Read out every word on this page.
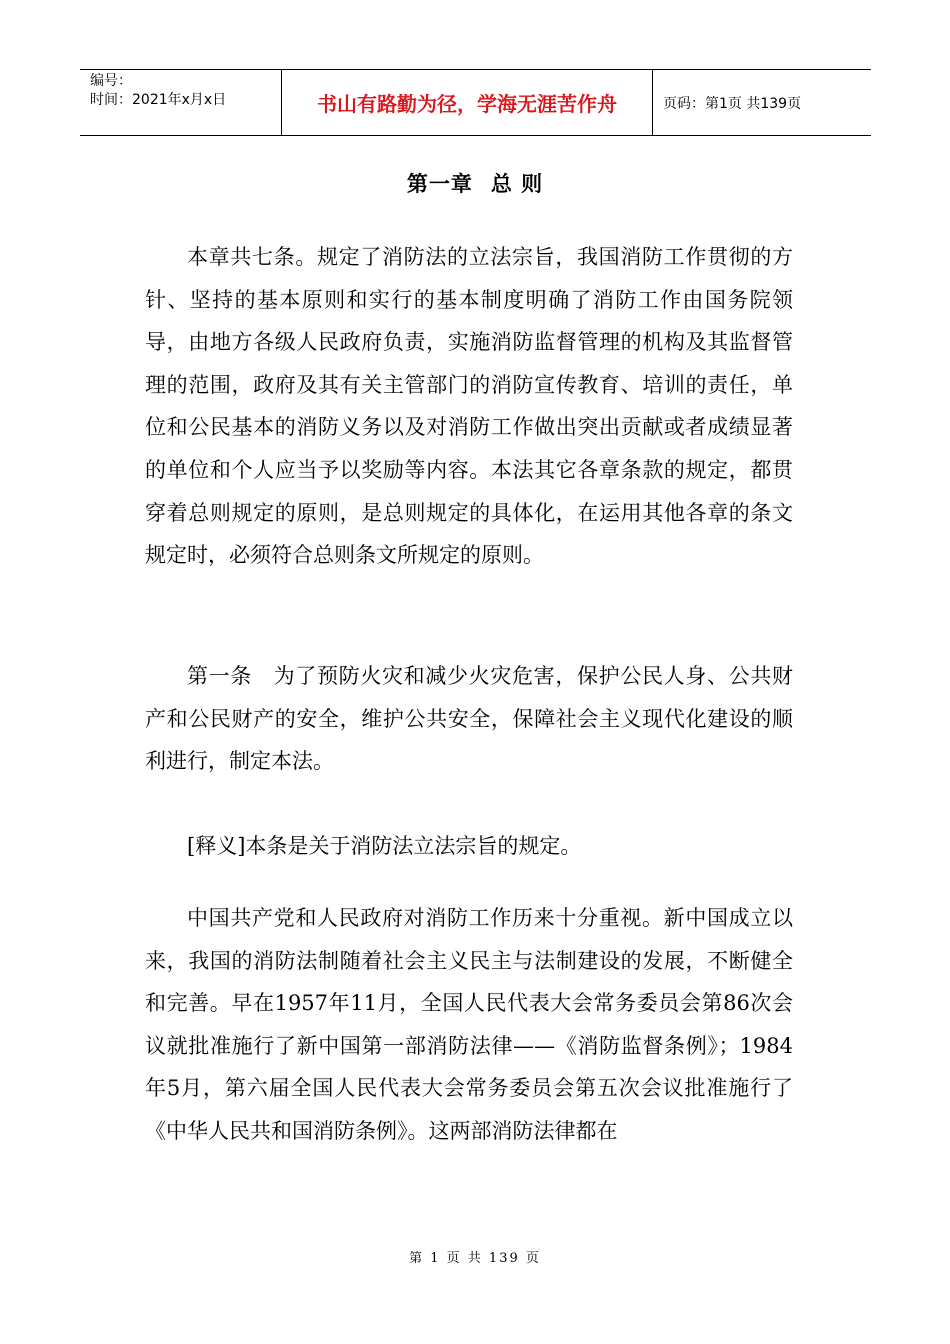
编号：
时间：2021年x月x日	书山有路勤为径，学海无涯苦作舟	页码：第1页 共139页
第一章 总 则

本章共七条。规定了消防法的立法宗旨，我国消防工作贯彻的方针、坚持的基本原则和实行的基本制度明确了消防工作由国务院领导，由地方各级人民政府负责，实施消防监督管理的机构及其监督管理的范围，政府及其有关主管部门的消防宣传教育、培训的责任，单位和公民基本的消防义务以及对消防工作做出突出贡献或者成绩显著的单位和个人应当予以奖励等内容。本法其它各章条款的规定，都贯穿着总则规定的原则，是总则规定的具体化，在运用其他各章的条文规定时，必须符合总则条文所规定的原则。

第一条　为了预防火灾和减少火灾危害，保护公民人身、公共财产和公民财产的安全，维护公共安全，保障社会主义现代化建设的顺利进行，制定本法。

[释义]本条是关于消防法立法宗旨的规定。

中国共产党和人民政府对消防工作历来十分重视。新中国成立以来，我国的消防法制随着社会主义民主与法制建设的发展，不断健全和完善。早在1957年11月，全国人民代表大会常务委员会第86次会议就批准施行了新中国第一部消防法律——《消防监督条例》；1984年5月，第六届全国人民代表大会常务委员会第五次会议批准施行了《中华人民共和国消防条例》。这两部消防法律都在

第 1 页 共 139 页
